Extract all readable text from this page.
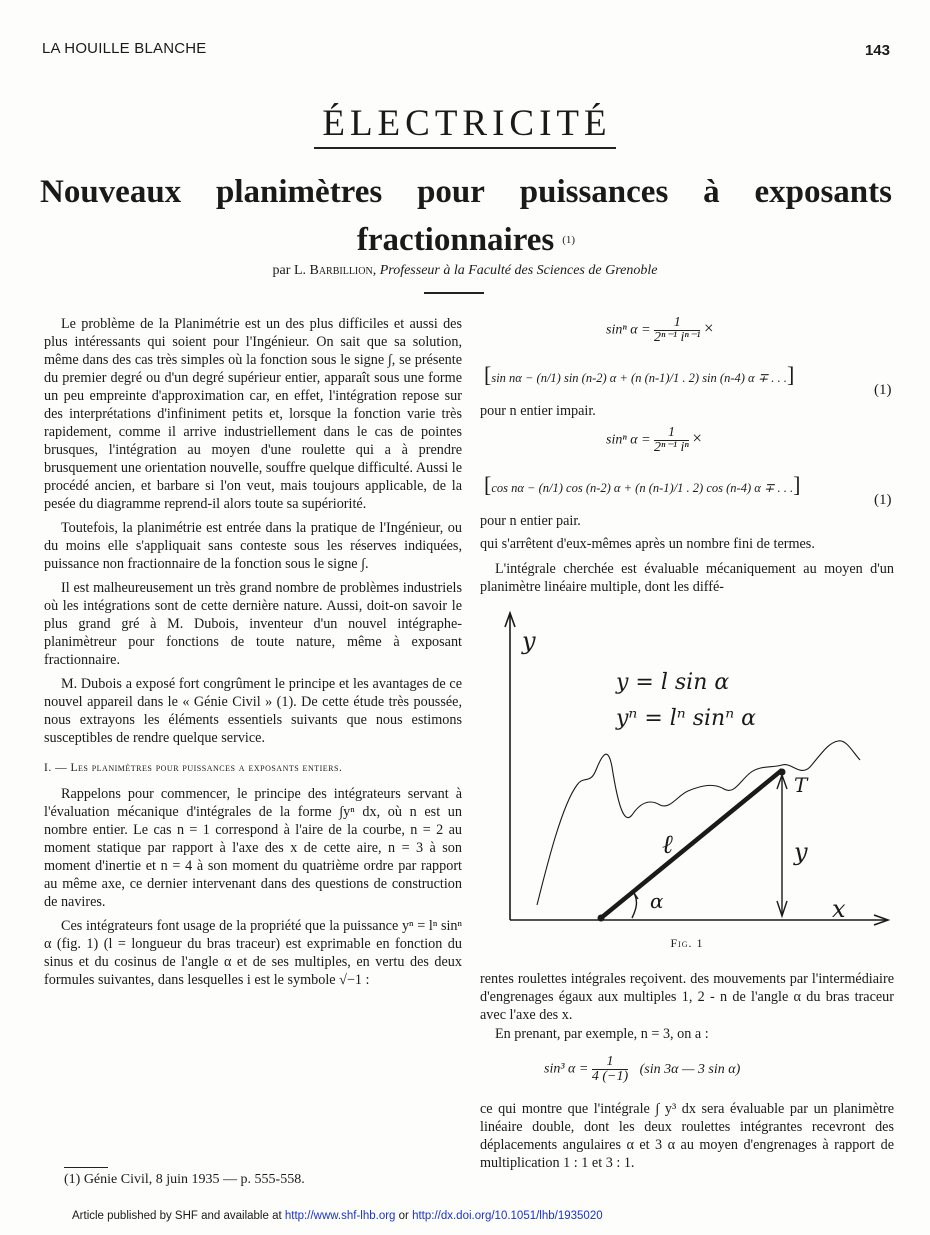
LA HOUILLE BLANCHE	143
ÉLECTRICITÉ
Nouveaux planimètres pour puissances à exposants
fractionnaires $^{(1)}$
par L. Barbillion, Professeur à la Faculté des Sciences de Grenoble

Le problème de la Planimétrie est un des plus difficiles et aussi des plus intéressants qui soient pour l'Ingénieur. On sait que sa solution, même dans des cas très simples où la fonction sous le signe ∫, se présente du premier degré ou d'un degré supérieur entier, apparaît sous une forme un peu empreinte d'approximation car, en effet, l'intégration repose sur des interprétations d'infiniment petits et, lorsque la fonction varie très rapidement, comme il arrive industriellement dans le cas de pointes brusques, l'intégration au moyen d'une roulette qui a à prendre brusquement une orientation nouvelle, souffre quelque difficulté. Aussi le procédé ancien, et barbare si l'on veut, mais toujours applicable, de la pesée du diagramme reprend-il alors toute sa supériorité.

Toutefois, la planimétrie est entrée dans la pratique de l'Ingénieur, ou du moins elle s'appliquait sans conteste sous les réserves indiquées, puissance non fractionnaire de la fonction sous le signe ∫.

Il est malheureusement un très grand nombre de problèmes industriels où les intégrations sont de cette dernière nature. Aussi, doit-on savoir le plus grand gré à M. Dubois, inventeur d'un nouvel intégraphe-planimètreur pour fonctions de toute nature, même à exposant fractionnaire.

M. Dubois a exposé fort congrûment le principe et les avantages de ce nouvel appareil dans le « Génie Civil » (1). De cette étude très poussée, nous extrayons les éléments essentiels suivants que nous estimons susceptibles de rendre quelque service.

I. — Les planimètres pour puissances a exposants entiers.

Rappelons pour commencer, le principe des intégrateurs servant à l'évaluation mécanique d'intégrales de la forme ∫yⁿ dx, où n est un nombre entier. Le cas n = 1 correspond à l'aire de la courbe, n = 2 au moment statique par rapport à l'axe des x de cette aire, n = 3 à son moment d'inertie et n = 4 à son moment du quatrième ordre par rapport au même axe, ce dernier intervenant dans des questions de construction de navires.

Ces intégrateurs font usage de la propriété que la puissance yⁿ = lⁿ sinⁿ α (fig. 1) (l = longueur du bras traceur) est exprimable en fonction du sinus et du cosinus de l'angle α et de ses multiples, en vertu des deux formules suivantes, dans lesquelles i est le symbole √−1 :

(1) Génie Civil, 8 juin 1935 — p. 555-558.
sinⁿ $\alpha = \frac{1}{\text{2ⁿ⁻¹ iⁿ⁻¹}}$ ×
[sin nα − (n/1) sin (n-2) α + (n (n-1)/1 . 2) sin (n-4) α ∓ . . .]
(1)
pour n entier impair.
sinⁿ $\alpha = \frac{1}{\text{2ⁿ⁻¹ iⁿ}}$ ×
[cos nα − (n/1) cos (n-2) α + (n (n-1)/1 . 2) cos (n-4) α ∓ . . .]
(1)
pour n entier pair.
qui s'arrêtent d'eux-mêmes après un nombre fini de termes.
L'intégrale cherchée est évaluable mécaniquement au moyen d'un planimètre linéaire multiple, dont les diffé-
y
x
y = l sin α
yⁿ = lⁿ sinⁿ α
T
ℓ	y
α
Fig. 1
rentes roulettes intégrales reçoivent. des mouvements par l'intermédiaire d'engrenages égaux aux multiples 1, 2 - n de l'angle α du bras traceur avec l'axe des x.
En prenant, par exemple, n = 3, on a :
sin³ $\alpha = \frac{1}{4 (-1)} (\sin$ 3α — 3 sin α)
ce qui montre que l'intégrale ∫ y³ dx sera évaluable par un planimètre linéaire double, dont les deux roulettes intégrantes recevront des déplacements angulaires α et 3 α au moyen d'engrenages à rapport de multiplication 1 : 1 et 3 : 1.
Article published by SHF and available at http://www.shf-lhb.org or http://dx.doi.org/10.1051/lhb/1935020
